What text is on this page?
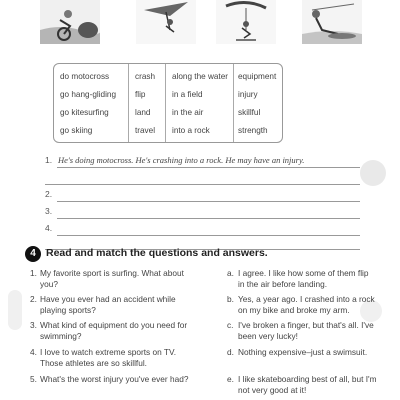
do motocross
go hang-gliding
go kitesurfing
go skiing
crash
flip
land
travel
along the water
in a field
in the air
into a rock
equipment
injury
skillful
strength
1. He's doing motocross. He's crashing into a rock. He may have an injury.
2.
3.
4.
4 Read and match the questions and answers.
1. My favorite sport is surfing. What about you?
2. Have you ever had an accident while playing sports?
3. What kind of equipment do you need for swimming?
4. I love to watch extreme sports on TV. Those athletes are so skillful.
5. What's the worst injury you've ever had?
a. I agree. I like how some of them flip in the air before landing.
b. Yes, a year ago. I crashed into a rock on my bike and broke my arm.
c. I've broken a finger, but that's all. I've been very lucky!
d. Nothing expensive–just a swimsuit.
e. I like skateboarding best of all, but I'm not very good at it!
